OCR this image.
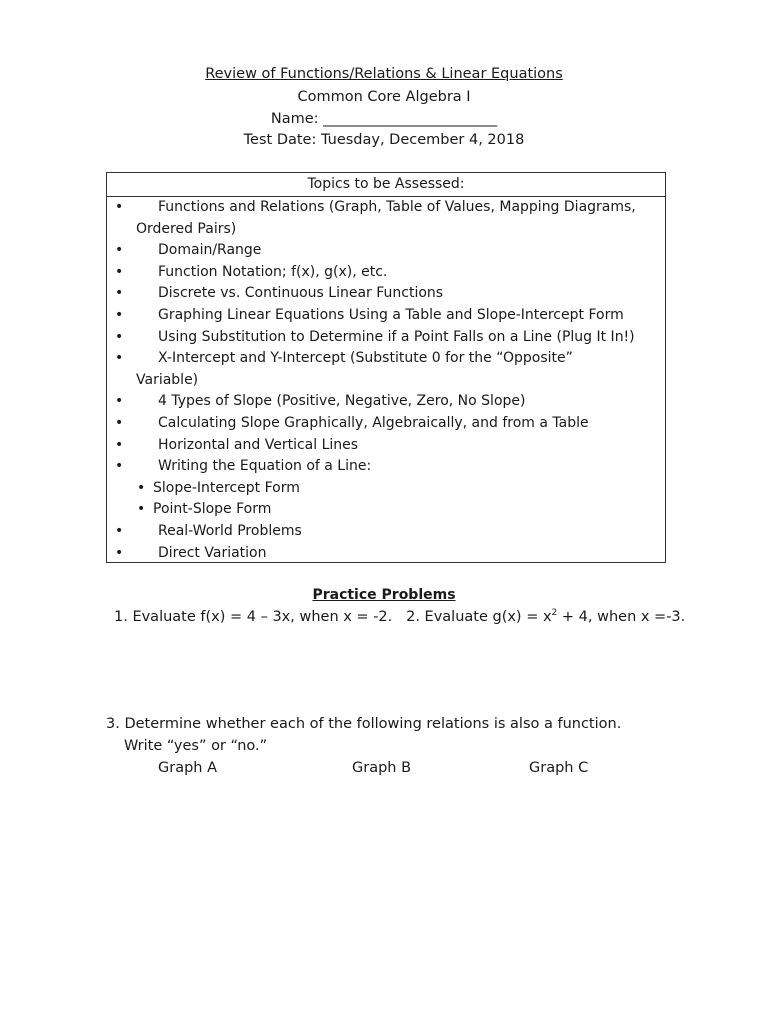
Review of Functions/Relations & Linear Equations
Common Core Algebra I
Name: ________________________
Test Date: Tuesday, December 4, 2018
Topics to be Assessed:
• Functions and Relations (Graph, Table of Values, Mapping Diagrams,
Ordered Pairs)
• Domain/Range
• Function Notation; f(x), g(x), etc.
• Discrete vs. Continuous Linear Functions
• Graphing Linear Equations Using a Table and Slope-Intercept Form
• Using Substitution to Determine if a Point Falls on a Line (Plug It In!)
• X-Intercept and Y-Intercept (Substitute 0 for the “Opposite”
Variable)
• 4 Types of Slope (Positive, Negative, Zero, No Slope)
• Calculating Slope Graphically, Algebraically, and from a Table
• Horizontal and Vertical Lines
• Writing the Equation of a Line:
• Slope-Intercept Form
• Point-Slope Form
• Real-World Problems
• Direct Variation
Practice Problems
1. Evaluate f(x) = 4 – 3x, when x = -2. 2. Evaluate $g(x) = x^2 + 4$, when x =-3.
3. Determine whether each of the following relations is also a function.
Write “yes” or “no.”
Graph A	Graph B	Graph C
